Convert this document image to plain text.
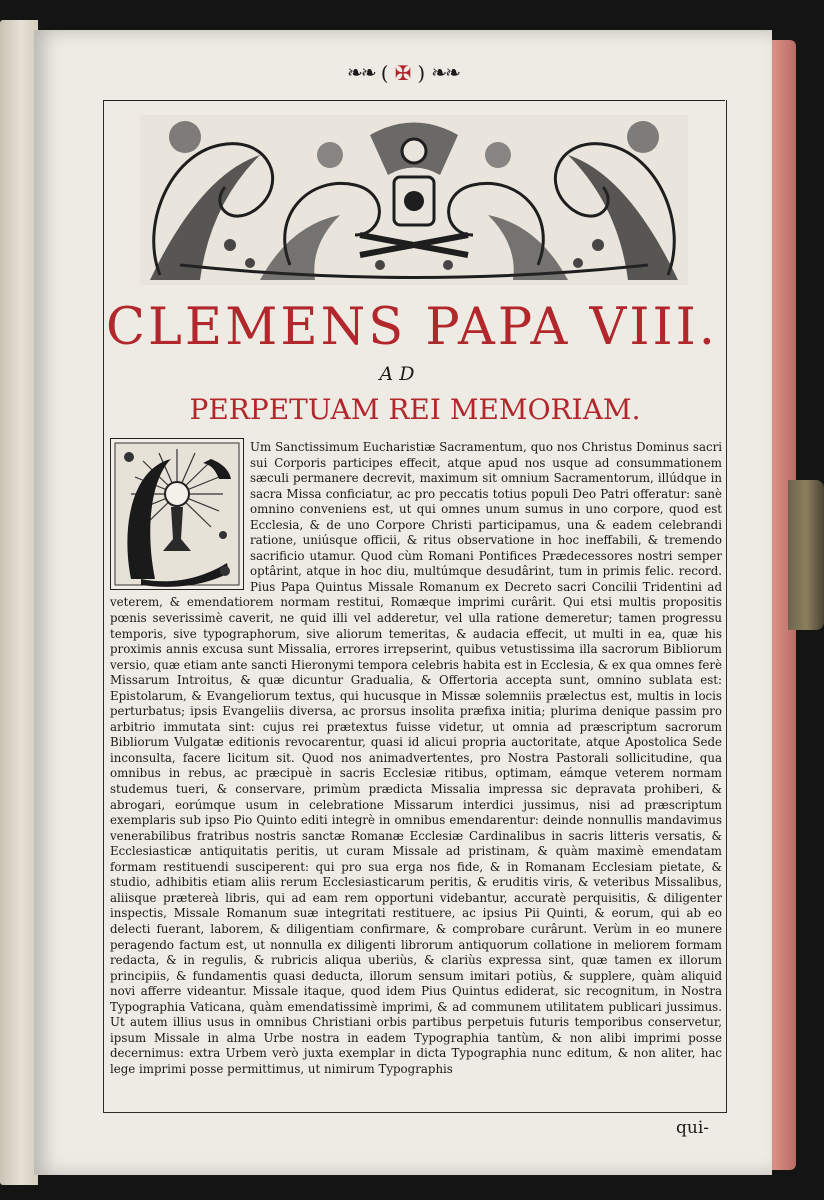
❧❧ ( ✠ ) ❧❧
CLEMENS PAPA VIII.
AD
PERPETUAM REI MEMORIAM.
Um Sanctissimum Eucharistiæ Sacramentum, quo nos Christus Dominus sacri sui Corporis participes effecit, atque apud nos usque ad consummationem sæculi permanere decrevit, maximum sit omnium Sacramentorum, illúdque in sacra Missa conficiatur, ac pro peccatis totius populi Deo Patri offeratur: sanè omnino conveniens est, ut qui omnes unum sumus in uno corpore, quod est Ecclesia, & de uno Corpore Christi participamus, una & eadem celebrandi ratione, uniúsque officii, & ritus observatione in hoc ineffabili, & tremendo sacrificio utamur. Quod cùm Romani Pontifices Prædecessores nostri semper optârint, atque in hoc diu, multúmque desudârint, tum in primis felic. record. Pius Papa Quintus Missale Romanum ex Decreto sacri Concilii Tridentini ad veterem, & emendatiorem normam restitui, Romæque imprimi curârit. Qui etsi multis propositis pœnis severissimè caverit, ne quid illi vel adderetur, vel ulla ratione demeretur; tamen progressu temporis, sive typographorum, sive aliorum temeritas, & audacia effecit, ut multi in ea, quæ his proximis annis excusa sunt Missalia, errores irrepserint, quibus vetustissima illa sacrorum Bibliorum versio, quæ etiam ante sancti Hieronymi tempora celebris habita est in Ecclesia, & ex qua omnes ferè Missarum Introitus, & quæ dicuntur Gradualia, & Offertoria accepta sunt, omnino sublata est: Epistolarum, & Evangeliorum textus, qui hucusque in Missæ solemniis prælectus est, multis in locis perturbatus; ipsis Evangeliis diversa, ac prorsus insolita præfixa initia; plurima denique passim pro arbitrio immutata sint: cujus rei prætextus fuisse videtur, ut omnia ad præscriptum sacrorum Bibliorum Vulgatæ editionis revocarentur, quasi id alicui propria auctoritate, atque Apostolica Sede inconsulta, facere licitum sit. Quod nos animadvertentes, pro Nostra Pastorali sollicitudine, qua omnibus in rebus, ac præcipuè in sacris Ecclesiæ ritibus, optimam, eámque veterem normam studemus tueri, & conservare, primùm prædicta Missalia impressa sic depravata prohiberi, & abrogari, eorúmque usum in celebratione Missarum interdici jussimus, nisi ad præscriptum exemplaris sub ipso Pio Quinto editi integrè in omnibus emendarentur: deinde nonnullis mandavimus venerabilibus fratribus nostris sanctæ Romanæ Ecclesiæ Cardinalibus in sacris litteris versatis, & Ecclesiasticæ antiquitatis peritis, ut curam Missale ad pristinam, & quàm maximè emendatam formam restituendi susciperent: qui pro sua erga nos fide, & in Romanam Ecclesiam pietate, & studio, adhibitis etiam aliis rerum Ecclesiasticarum peritis, & eruditis viris, & veteribus Missalibus, aliisque prætereà libris, qui ad eam rem opportuni videbantur, accuratè perquisitis, & diligenter inspectis, Missale Romanum suæ integritati restituere, ac ipsius Pii Quinti, & eorum, qui ab eo delecti fuerant, laborem, & diligentiam confirmare, & comprobare curârunt. Verùm in eo munere peragendo factum est, ut nonnulla ex diligenti librorum antiquorum collatione in meliorem formam redacta, & in regulis, & rubricis aliqua uberiùs, & clariùs expressa sint, quæ tamen ex illorum principiis, & fundamentis quasi deducta, illorum sensum imitari potiùs, & supplere, quàm aliquid novi afferre videantur. Missale itaque, quod idem Pius Quintus ediderat, sic recognitum, in Nostra Typographia Vaticana, quàm emendatissimè imprimi, & ad communem utilitatem publicari jussimus. Ut autem illius usus in omnibus Christiani orbis partibus perpetuis futuris temporibus conservetur, ipsum Missale in alma Urbe nostra in eadem Typographia tantùm, & non alibi imprimi posse decernimus: extra Urbem verò juxta exemplar in dicta Typographia nunc editum, & non aliter, hac lege imprimi posse permittimus, ut nimirum Typographis
qui-
